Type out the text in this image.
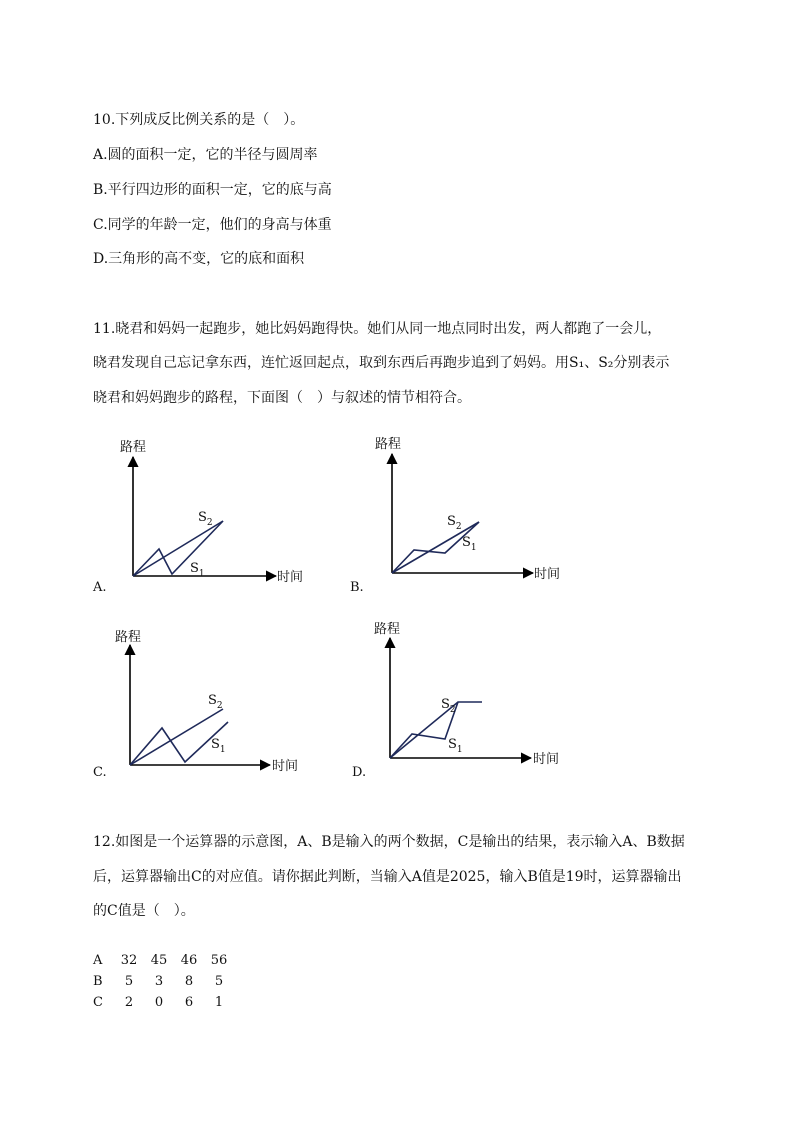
10.下列成反比例关系的是（　）。
A.圆的面积一定，它的半径与圆周率
B.平行四边形的面积一定，它的底与高
C.同学的年龄一定，他们的身高与体重
D.三角形的高不变，它的底和面积
11.晓君和妈妈一起跑步，她比妈妈跑得快。她们从同一地点同时出发，两人都跑了一会儿，
晓君发现自己忘记拿东西，连忙返回起点，取到东西后再跑步追到了妈妈。用S₁、S₂分别表示
晓君和妈妈跑步的路程，下面图（　）与叙述的情节相符合。
路程
时间
$S_2$
$S_1$
A.
路程
时间
$S_2$
$S_1$
B.
路程
时间
$S_2$
$S_1$
C.
路程
时间
$S_2$
$S_1$
D.
12.如图是一个运算器的示意图，A、B是输入的两个数据，C是输出的结果，表示输入A、B数据
后，运算器输出C的对应值。请你据此判断，当输入A值是2025，输入B值是19时，运算器输出
的C值是（　）。
A	32	45	46	56
B	5	3	8	5
C	2	0	6	1
